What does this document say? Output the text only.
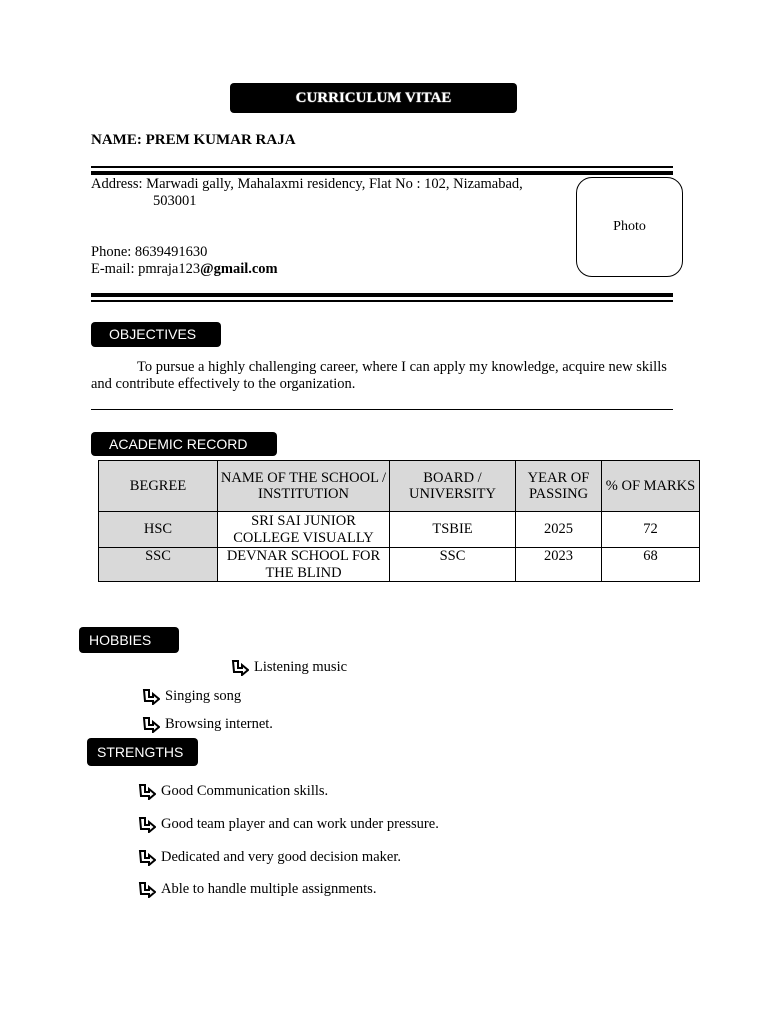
CURRICULUM VITAE
NAME: PREM KUMAR RAJA
Address: Marwadi gally, Mahalaxmi residency, Flat No : 102, Nizamabad,
503001
Phone: 8639491630
E-mail: pmraja123@gmail.com
Photo
OBJECTIVES
To pursue a highly challenging career, where I can apply my knowledge, acquire new skills and contribute effectively to the organization.
ACADEMIC RECORD
BEGREE	NAME OF THE SCHOOL / INSTITUTION	BOARD / UNIVERSITY	YEAR OF PASSING	% OF MARKS
HSC	SRI SAI JUNIOR COLLEGE VISUALLY	TSBIE	2025	72
SSC	DEVNAR SCHOOL FOR THE BLIND	SSC	2023	68
HOBBIES
Listening music
Singing song
Browsing internet.
STRENGTHS
Good Communication skills.
Good team player and can work under pressure.
Dedicated and very good decision maker.
Able to handle multiple assignments.
